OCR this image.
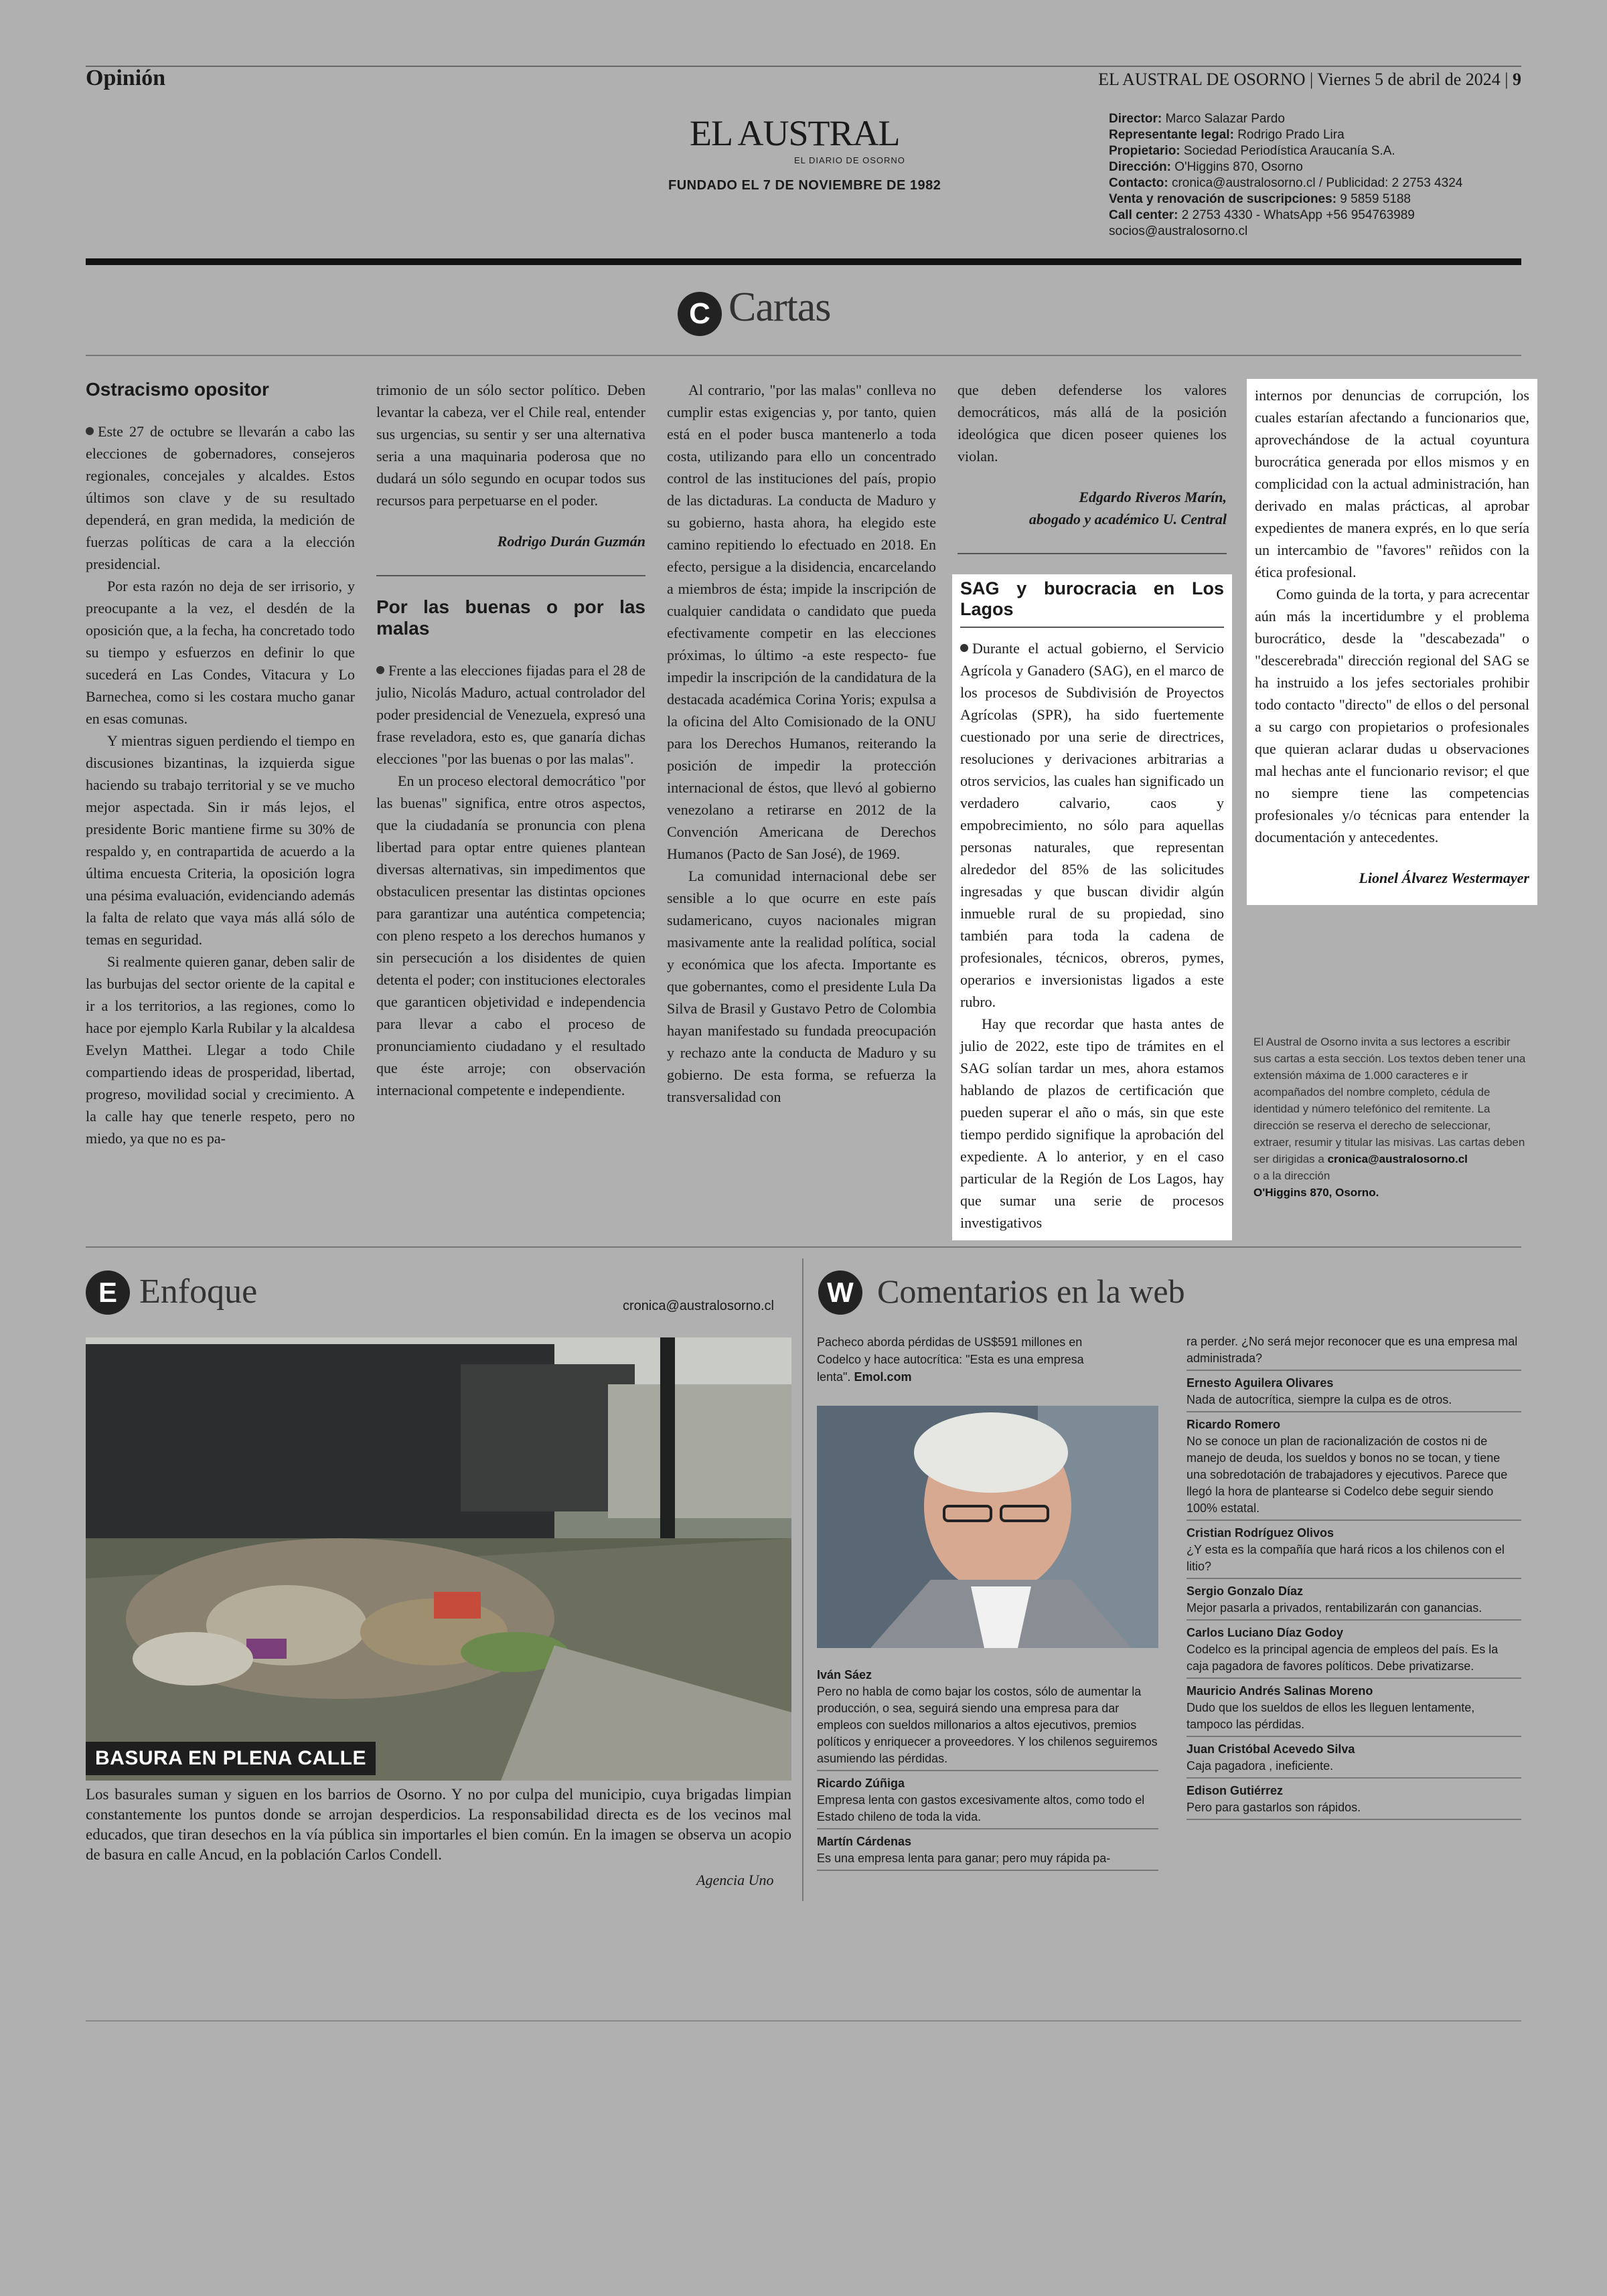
Opinión	EL AUSTRAL DE OSORNO | Viernes 5 de abril de 2024 | 9
EL AUSTRAL
EL DIARIO DE OSORNO
FUNDADO EL 7 DE NOVIEMBRE DE 1982
Director: Marco Salazar Pardo
Representante legal: Rodrigo Prado Lira
Propietario: Sociedad Periodística Araucanía S.A.
Dirección: O'Higgins 870, Osorno
Contacto: cronica@australosorno.cl / Publicidad: 2 2753 4324
Venta y renovación de suscripciones: 9 5859 5188
Call center: 2 2753 4330 - WhatsApp +56 954763989
socios@australosorno.cl
C Cartas
Ostracismo opositor

Este 27 de octubre se llevarán a cabo las elecciones de gobernadores, consejeros regionales, concejales y alcaldes. Estos últimos son clave y de su resultado dependerá, en gran medida, la medición de fuerzas políticas de cara a la elección presidencial.

Por esta razón no deja de ser irrisorio, y preocupante a la vez, el desdén de la oposición que, a la fecha, ha concretado todo su tiempo y esfuerzos en definir lo que sucederá en Las Condes, Vitacura y Lo Barnechea, como si les costara mucho ganar en esas comunas.

Y mientras siguen perdiendo el tiempo en discusiones bizantinas, la izquierda sigue haciendo su trabajo territorial y se ve mucho mejor aspectada. Sin ir más lejos, el presidente Boric mantiene firme su 30% de respaldo y, en contrapartida de acuerdo a la última encuesta Criteria, la oposición logra una pésima evaluación, evidenciando además la falta de relato que vaya más allá sólo de temas en seguridad.

Si realmente quieren ganar, deben salir de las burbujas del sector oriente de la capital e ir a los territorios, a las regiones, como lo hace por ejemplo Karla Rubilar y la alcaldesa Evelyn Matthei. Llegar a todo Chile compartiendo ideas de prosperidad, libertad, progreso, movilidad social y crecimiento. A la calle hay que tenerle respeto, pero no miedo, ya que no es pa-

trimonio de un sólo sector político. Deben levantar la cabeza, ver el Chile real, entender sus urgencias, su sentir y ser una alternativa seria a una maquinaria poderosa que no dudará un sólo segundo en ocupar todos sus recursos para perpetuarse en el poder.

Rodrigo Durán Guzmán
Por las buenas o por las malas

Frente a las elecciones fijadas para el 28 de julio, Nicolás Maduro, actual controlador del poder presidencial de Venezuela, expresó una frase reveladora, esto es, que ganaría dichas elecciones "por las buenas o por las malas".

En un proceso electoral democrático "por las buenas" significa, entre otros aspectos, que la ciudadanía se pronuncia con plena libertad para optar entre quienes plantean diversas alternativas, sin impedimentos que obstaculicen presentar las distintas opciones para garantizar una auténtica competencia; con pleno respeto a los derechos humanos y sin persecución a los disidentes de quien detenta el poder; con instituciones electorales que garanticen objetividad e independencia para llevar a cabo el proceso de pronunciamiento ciudadano y el resultado que éste arroje; con observación internacional competente e independiente.

Al contrario, "por las malas" conlleva no cumplir estas exigencias y, por tanto, quien está en el poder busca mantenerlo a toda costa, utilizando para ello un concentrado control de las instituciones del país, propio de las dictaduras. La conducta de Maduro y su gobierno, hasta ahora, ha elegido este camino repitiendo lo efectuado en 2018. En efecto, persigue a la disidencia, encarcelando a miembros de ésta; impide la inscripción de cualquier candidata o candidato que pueda efectivamente competir en las elecciones próximas, lo último -a este respecto- fue impedir la inscripción de la candidatura de la destacada académica Corina Yoris; expulsa a la oficina del Alto Comisionado de la ONU para los Derechos Humanos, reiterando la posición de impedir la protección internacional de éstos, que llevó al gobierno venezolano a retirarse en 2012 de la Convención Americana de Derechos Humanos (Pacto de San José), de 1969.

La comunidad internacional debe ser sensible a lo que ocurre en este país sudamericano, cuyos nacionales migran masivamente ante la realidad política, social y económica que los afecta. Importante es que gobernantes, como el presidente Lula Da Silva de Brasil y Gustavo Petro de Colombia hayan manifestado su fundada preocupación y rechazo ante la conducta de Maduro y su gobierno. De esta forma, se refuerza la transversalidad con

que deben defenderse los valores democráticos, más allá de la posición ideológica que dicen poseer quienes los violan.

Edgardo Riveros Marín,
abogado y académico U. Central
SAG y burocracia en Los Lagos

Durante el actual gobierno, el Servicio Agrícola y Ganadero (SAG), en el marco de los procesos de Subdivisión de Proyectos Agrícolas (SPR), ha sido fuertemente cuestionado por una serie de directrices, resoluciones y derivaciones arbitrarias a otros servicios, las cuales han significado un verdadero calvario, caos y empobrecimiento, no sólo para aquellas personas naturales, que representan alrededor del 85% de las solicitudes ingresadas y que buscan dividir algún inmueble rural de su propiedad, sino también para toda la cadena de profesionales, técnicos, obreros, pymes, operarios e inversionistas ligados a este rubro.

Hay que recordar que hasta antes de julio de 2022, este tipo de trámites en el SAG solían tardar un mes, ahora estamos hablando de plazos de certificación que pueden superar el año o más, sin que este tiempo perdido signifique la aprobación del expediente. A lo anterior, y en el caso particular de la Región de Los Lagos, hay que sumar una serie de procesos investigativos

internos por denuncias de corrupción, los cuales estarían afectando a funcionarios que, aprovechándose de la actual coyuntura burocrática generada por ellos mismos y en complicidad con la actual administración, han derivado en malas prácticas, al aprobar expedientes de manera exprés, en lo que sería un intercambio de "favores" reñidos con la ética profesional.

Como guinda de la torta, y para acrecentar aún más la incertidumbre y el problema burocrático, desde la "descabezada" o "descerebrada" dirección regional del SAG se ha instruido a los jefes sectoriales prohibir todo contacto "directo" de ellos o del personal a su cargo con propietarios o profesionales que quieran aclarar dudas u observaciones mal hechas ante el funcionario revisor; el que no siempre tiene las competencias profesionales y/o técnicas para entender la documentación y antecedentes.

Lionel Álvarez Westermayer
El Austral de Osorno invita a sus lectores a escribir sus cartas a esta sección. Los textos deben tener una extensión máxima de 1.000 caracteres e ir acompañados del nombre completo, cédula de identidad y número telefónico del remitente. La dirección se reserva el derecho de seleccionar, extraer, resumir y titular las misivas. Las cartas deben ser dirigidas a cronica@australosorno.cl
o a la dirección
O'Higgins 870, Osorno.
E Enfoque	cronica@australosorno.cl
BASURA EN PLENA CALLE
Los basurales suman y siguen en los barrios de Osorno. Y no por culpa del municipio, cuya brigadas limpian constantemente los puntos donde se arrojan desperdicios. La responsabilidad directa es de los vecinos mal educados, que tiran desechos en la vía pública sin importarles el bien común. En la imagen se observa un acopio de basura en calle Ancud, en la población Carlos Condell.
Agencia Uno
W Comentarios en la web
Pacheco aborda pérdidas de US$591 millones en Codelco y hace autocrítica: "Esta es una empresa lenta". Emol.com
Iván Sáez
Pero no habla de como bajar los costos, sólo de aumentar la producción, o sea, seguirá siendo una empresa para dar empleos con sueldos millonarios a altos ejecutivos, premios políticos y enriquecer a proveedores. Y los chilenos seguiremos asumiendo las pérdidas.
Ricardo Zúñiga
Empresa lenta con gastos excesivamente altos, como todo el Estado chileno de toda la vida.
Martín Cárdenas
Es una empresa lenta para ganar; pero muy rápida pa-
ra perder. ¿No será mejor reconocer que es una empresa mal administrada?
Ernesto Aguilera Olivares
Nada de autocrítica, siempre la culpa es de otros.
Ricardo Romero
No se conoce un plan de racionalización de costos ni de manejo de deuda, los sueldos y bonos no se tocan, y tiene una sobredotación de trabajadores y ejecutivos. Parece que llegó la hora de plantearse si Codelco debe seguir siendo 100% estatal.
Cristian Rodríguez Olivos
¿Y esta es la compañía que hará ricos a los chilenos con el litio?
Sergio Gonzalo Díaz
Mejor pasarla a privados, rentabilizarán con ganancias.
Carlos Luciano Díaz Godoy
Codelco es la principal agencia de empleos del país. Es la caja pagadora de favores políticos. Debe privatizarse.
Mauricio Andrés Salinas Moreno
Dudo que los sueldos de ellos les lleguen lentamente, tampoco las pérdidas.
Juan Cristóbal Acevedo Silva
Caja pagadora , ineficiente.
Edison Gutiérrez
Pero para gastarlos son rápidos.
